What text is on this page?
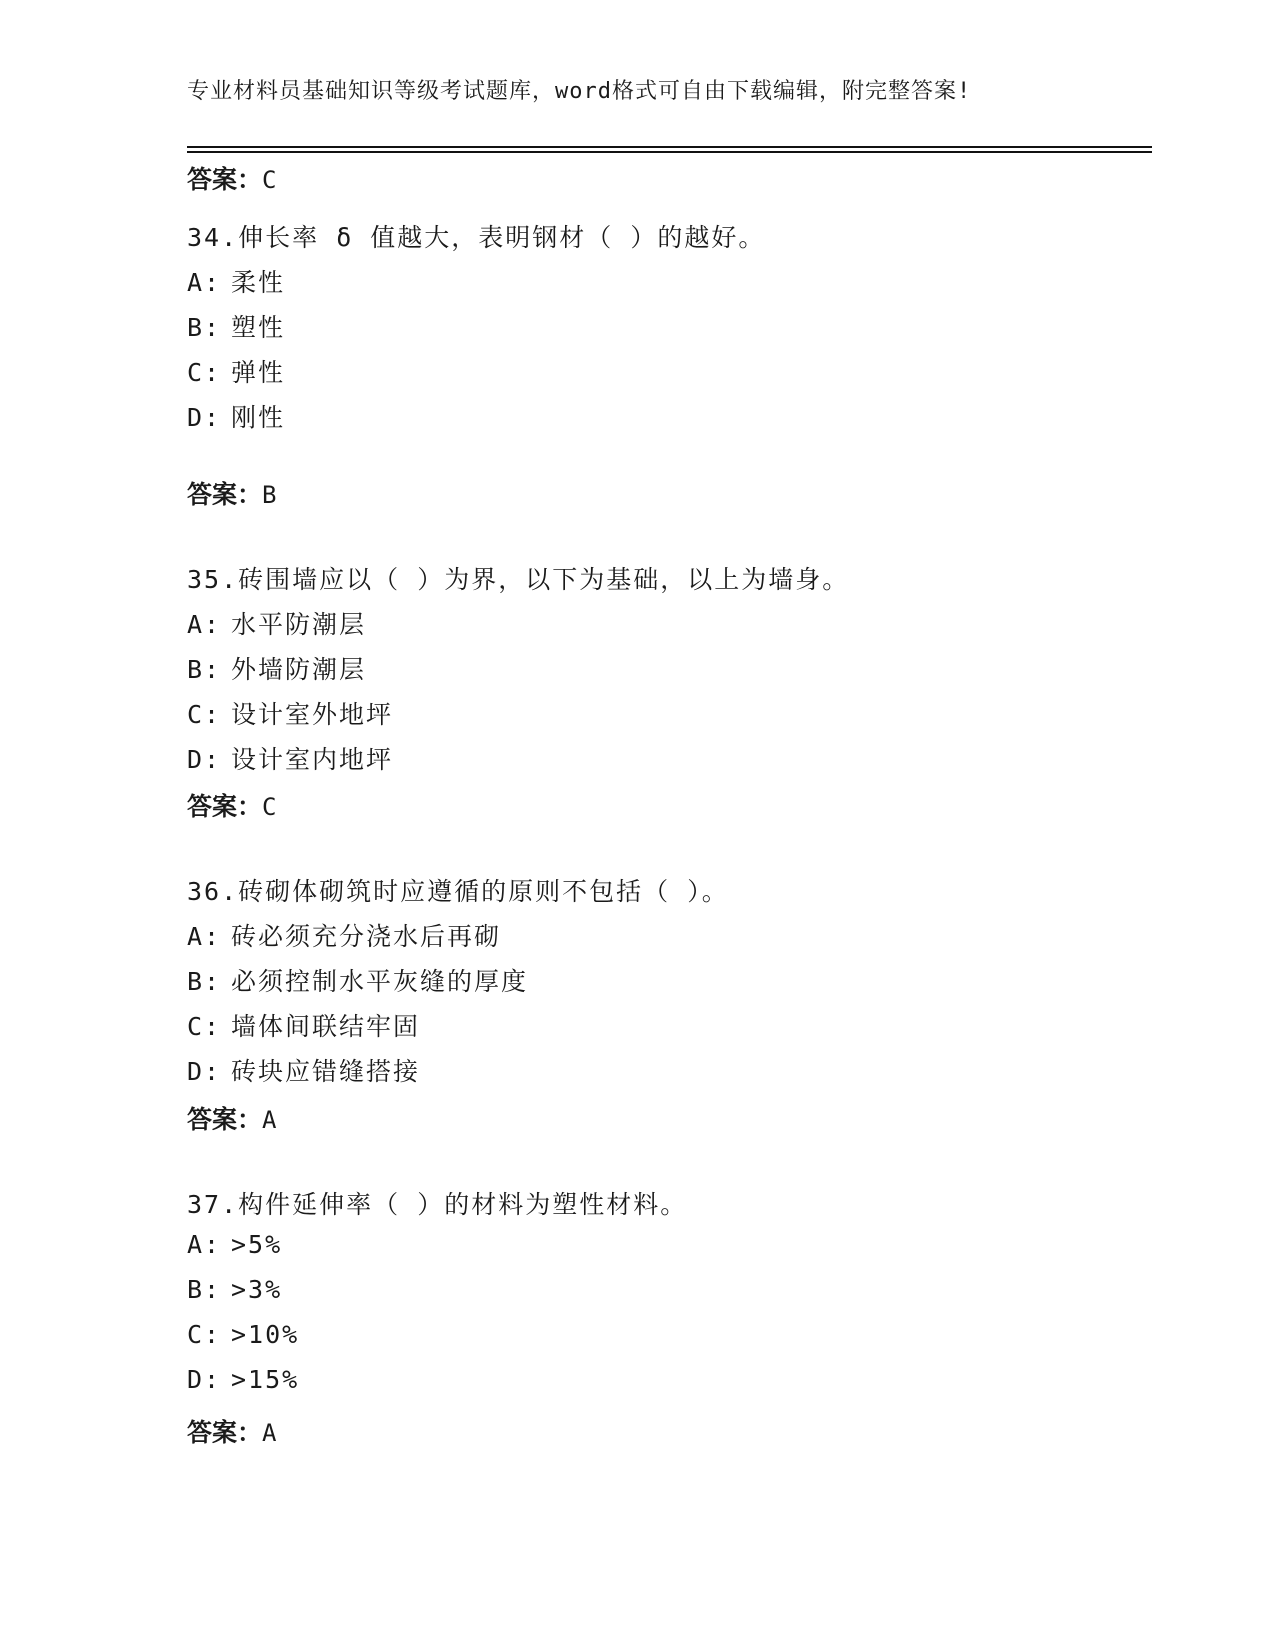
专业材料员基础知识等级考试题库，word格式可自由下载编辑，附完整答案!
答案：C
34.伸长率 δ 值越大，表明钢材（ ）的越好。
A: 柔性
B: 塑性
C: 弹性
D: 刚性
答案：B
35.砖围墙应以（ ）为界，以下为基础，以上为墙身。
A: 水平防潮层
B: 外墙防潮层
C: 设计室外地坪
D: 设计室内地坪
答案：C
36.砖砌体砌筑时应遵循的原则不包括（ ）。
A: 砖必须充分浇水后再砌
B: 必须控制水平灰缝的厚度
C: 墙体间联结牢固
D: 砖块应错缝搭接
答案：A
37.构件延伸率（ ）的材料为塑性材料。
A: >5%
B: >3%
C: >10%
D: >15%
答案：A
